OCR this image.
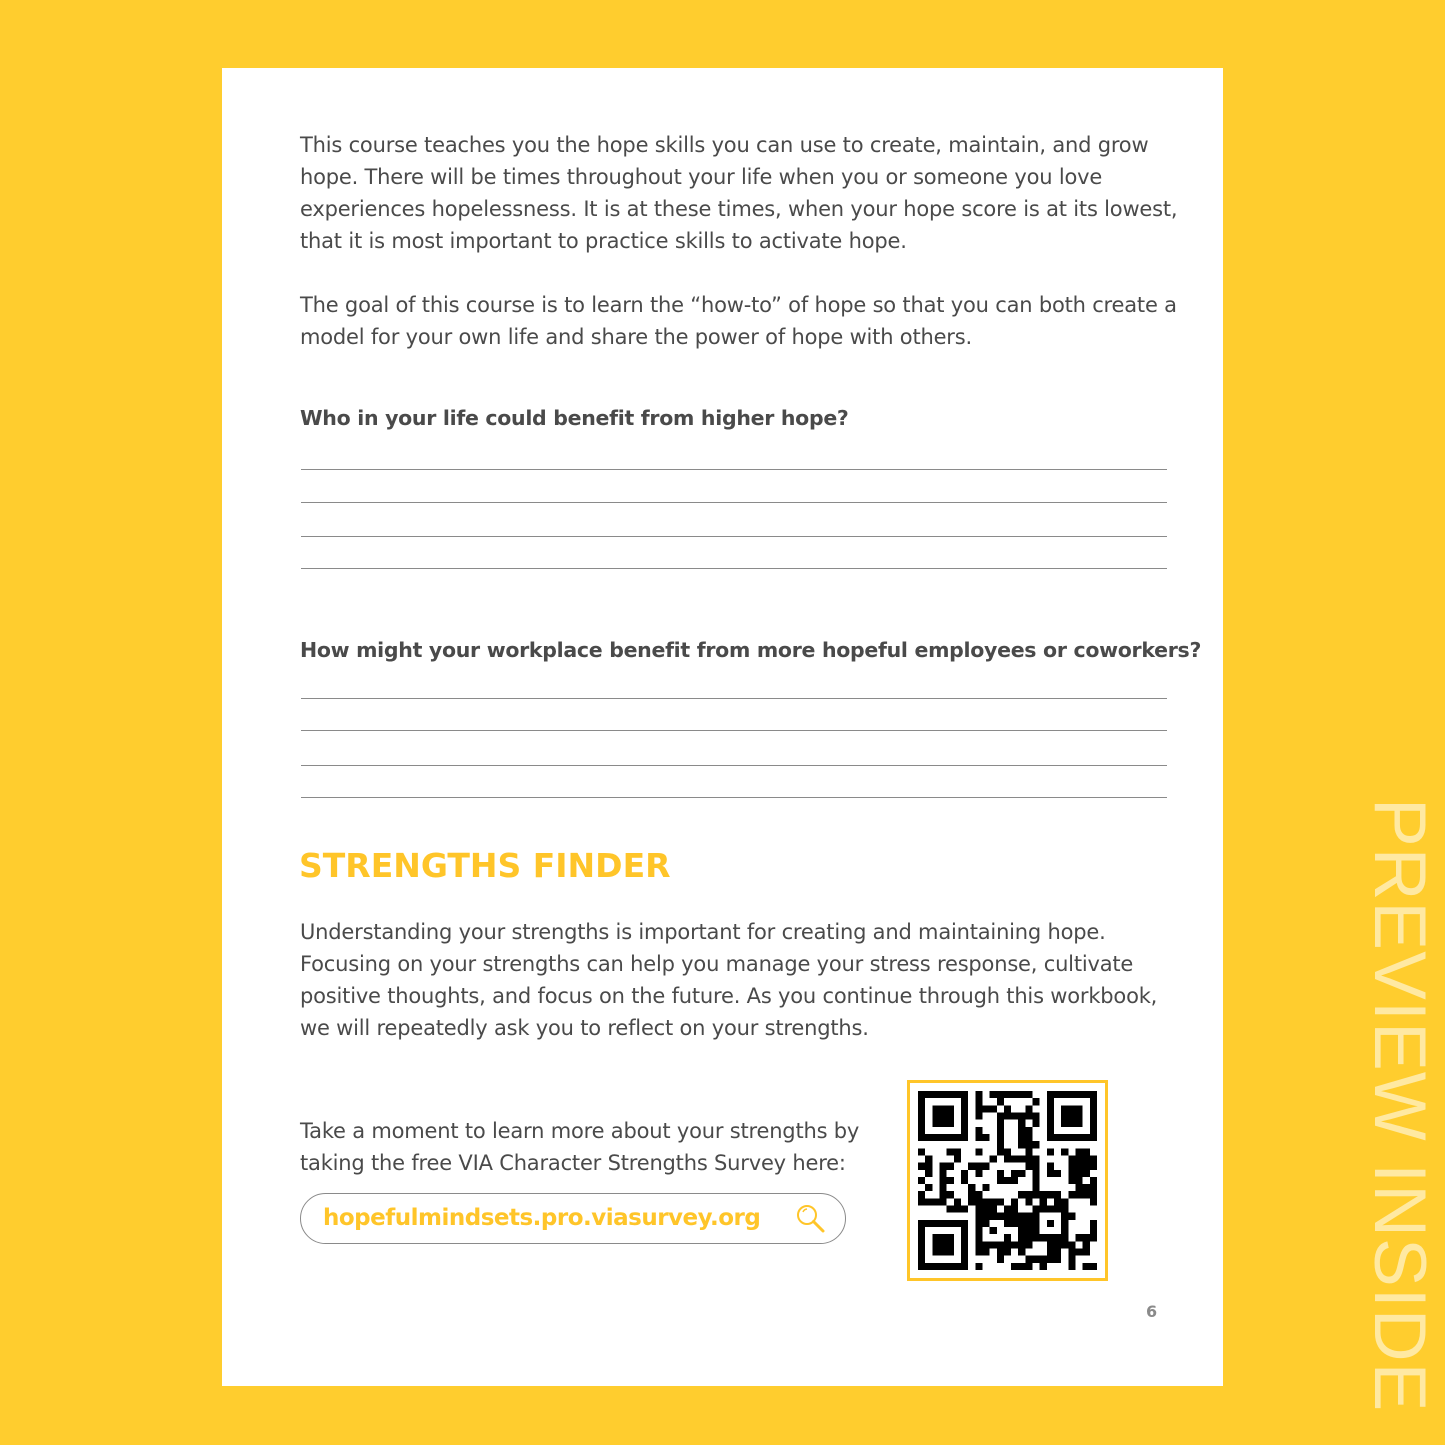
This course teaches you the hope skills you can use to create, maintain, and grow
hope. There will be times throughout your life when you or someone you love
experiences hopelessness. It is at these times, when your hope score is at its lowest,
that it is most important to practice skills to activate hope.

The goal of this course is to learn the “how-to” of hope so that you can both create a
model for your own life and share the power of hope with others.

Who in your life could benefit from higher hope?

How might your workplace benefit from more hopeful employees or coworkers?

STRENGTHS FINDER

Understanding your strengths is important for creating and maintaining hope.
Focusing on your strengths can help you manage your stress response, cultivate
positive thoughts, and focus on the future. As you continue through this workbook,
we will repeatedly ask you to reflect on your strengths.

Take a moment to learn more about your strengths by
taking the free VIA Character Strengths Survey here:

hopefulmindsets.pro.viasurvey.org

6	PREVIEW INSIDE
